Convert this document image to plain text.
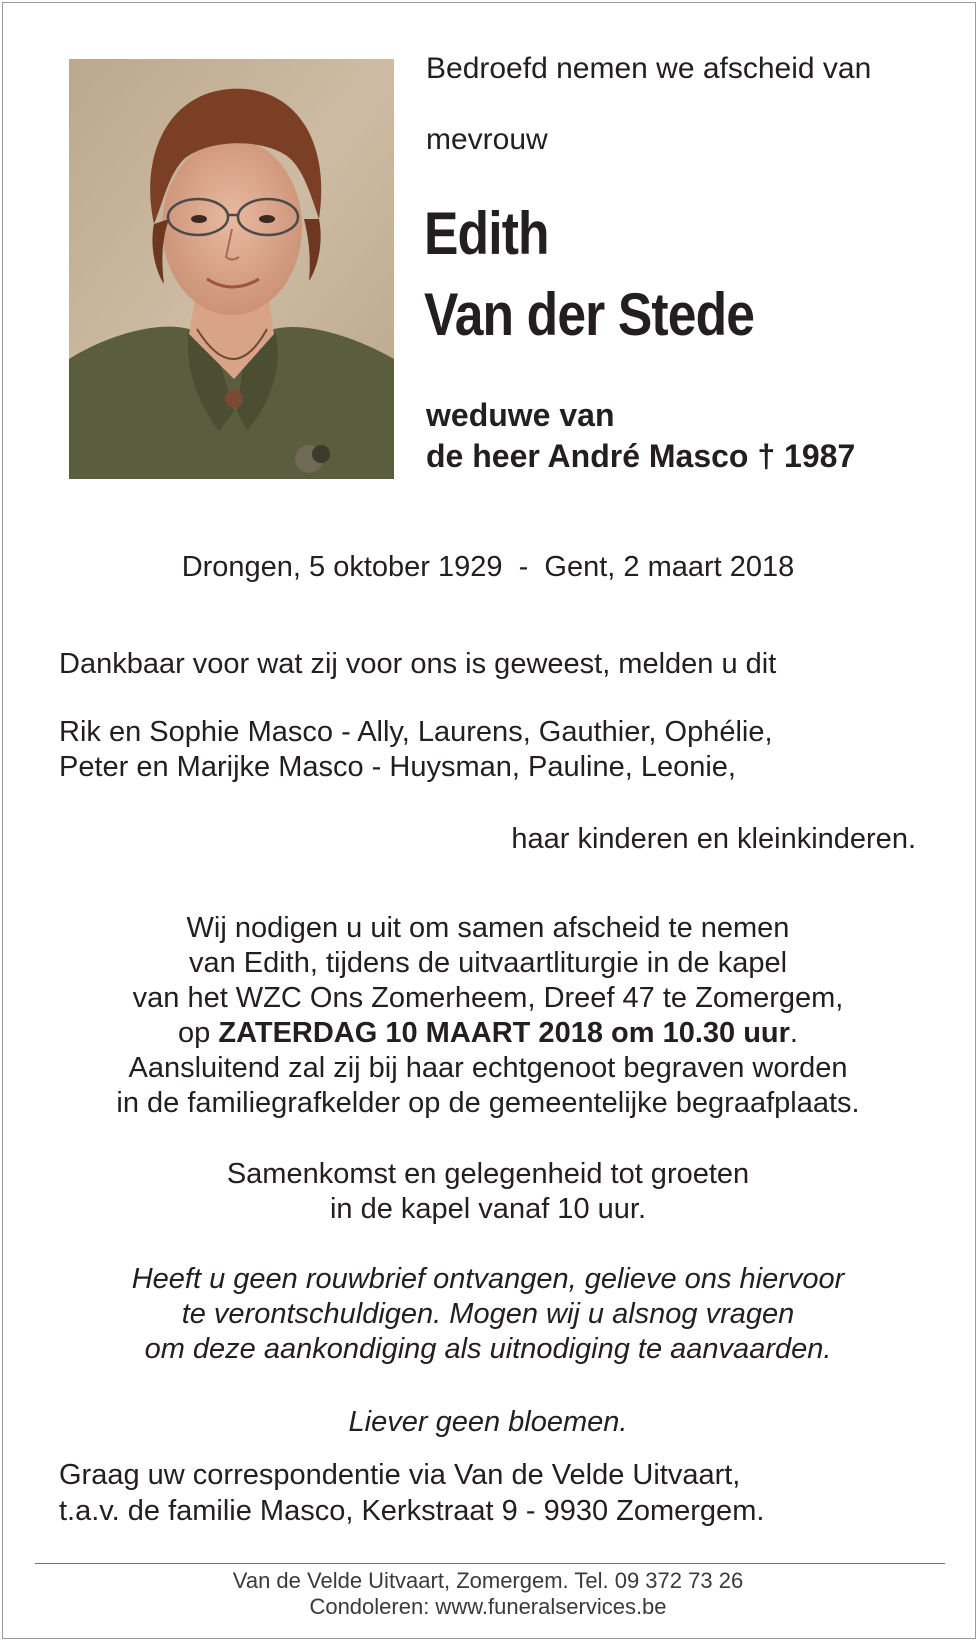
Bedroefd nemen we afscheid van
mevrouw
Edith
Van der Stede
weduwe van
de heer André Masco † 1987
Drongen, 5 oktober 1929  -  Gent, 2 maart 2018
Dankbaar voor wat zij voor ons is geweest, melden u dit
Rik en Sophie Masco - Ally, Laurens, Gauthier, Ophélie,
Peter en Marijke Masco - Huysman, Pauline, Leonie,
haar kinderen en kleinkinderen.
Wij nodigen u uit om samen afscheid te nemen
van Edith, tijdens de uitvaartliturgie in de kapel
van het WZC Ons Zomerheem, Dreef 47 te Zomergem,
op ZATERDAG 10 MAART 2018 om 10.30 uur.
Aansluitend zal zij bij haar echtgenoot begraven worden
in de familiegrafkelder op de gemeentelijke begraafplaats.
Samenkomst en gelegenheid tot groeten
in de kapel vanaf 10 uur.
Heeft u geen rouwbrief ontvangen, gelieve ons hiervoor
te verontschuldigen. Mogen wij u alsnog vragen
om deze aankondiging als uitnodiging te aanvaarden.
Liever geen bloemen.
Graag uw correspondentie via Van de Velde Uitvaart,
t.a.v. de familie Masco, Kerkstraat 9 - 9930 Zomergem.
Van de Velde Uitvaart, Zomergem. Tel. 09 372 73 26
Condoleren: www.funeralservices.be
